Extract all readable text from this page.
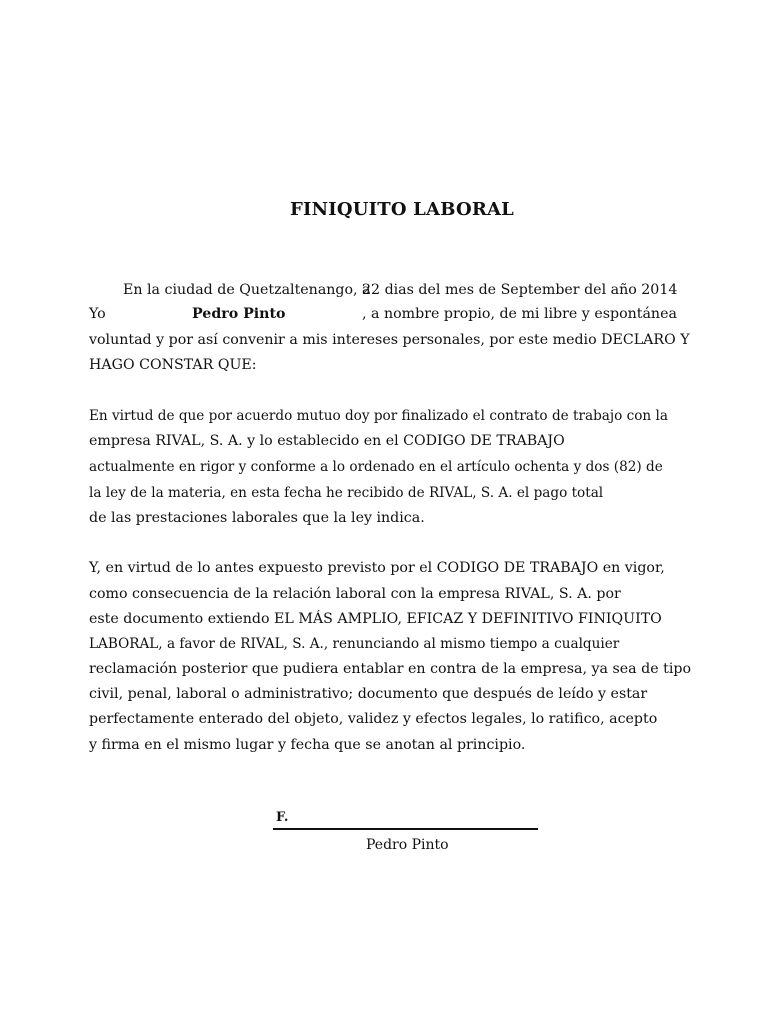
FINIQUITO LABORAL
En la ciudad de Quetzaltenango, a
22 dias del mes de September del año 2014
Yo	Pedro Pinto	, a nombre propio, de mi libre y espontánea
voluntad y por así convenir a mis intereses personales, por este medio DECLARO Y
HAGO CONSTAR QUE:
En virtud de que por acuerdo mutuo doy por finalizado el contrato de trabajo con la
empresa RIVAL, S. A. y lo establecido en el CODIGO DE TRABAJO
actualmente en rigor y conforme a lo ordenado en el artículo ochenta y dos (82) de
la ley de la materia, en esta fecha he recibido de RIVAL, S. A. el pago total
de las prestaciones laborales que la ley indica.
Y, en virtud de lo antes expuesto previsto por el CODIGO DE TRABAJO en vigor,
como consecuencia de la relación laboral con la empresa RIVAL, S. A. por
este documento extiendo EL MÁS AMPLIO, EFICAZ Y DEFINITIVO FINIQUITO
LABORAL, a favor de RIVAL, S. A., renunciando al mismo tiempo a cualquier
reclamación posterior que pudiera entablar en contra de la empresa, ya sea de tipo
civil, penal, laboral o administrativo; documento que después de leído y estar
perfectamente enterado del objeto, validez y efectos legales, lo ratifico, acepto
y firma en el mismo lugar y fecha que se anotan al principio.
F.
Pedro Pinto
